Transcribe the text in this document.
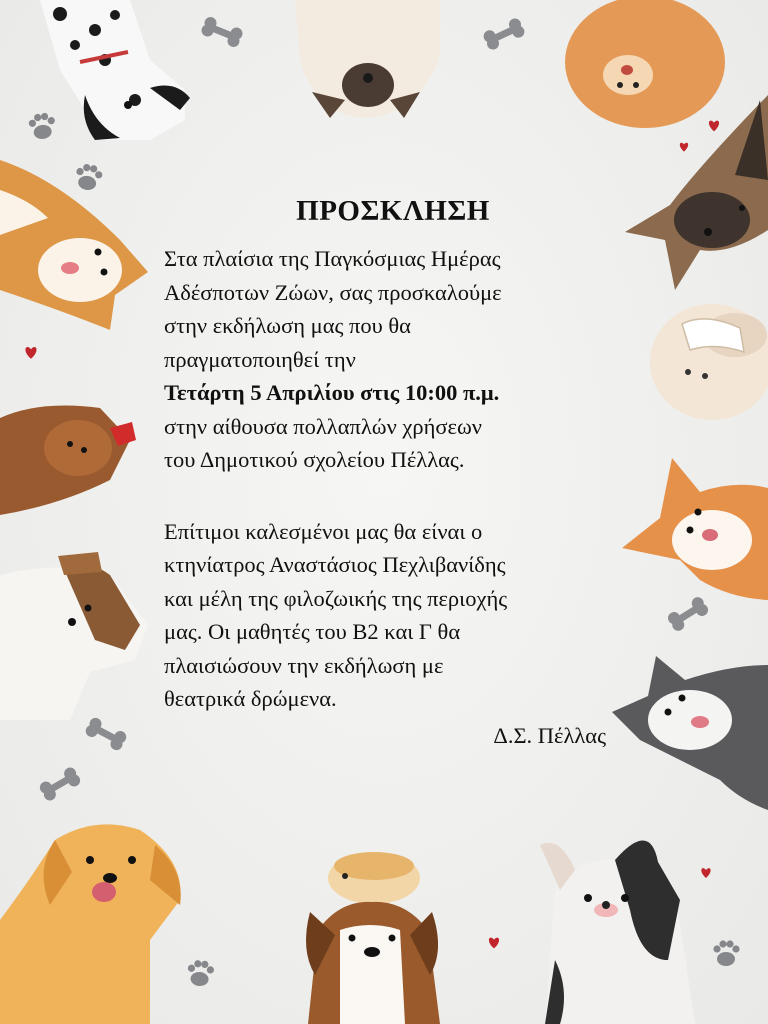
ΠΡΟΣΚΛΗΣΗ
Στα πλαίσια της Παγκόσμιας Ημέρας
Αδέσποτων Ζώων, σας προσκαλούμε
στην εκδήλωση μας που θα
πραγματοποιηθεί την
Τετάρτη 5 Απριλίου στις 10:00 π.μ.
στην αίθουσα πολλαπλών χρήσεων
του Δημοτικού σχολείου Πέλλας.
Επίτιμοι καλεσμένοι μας θα είναι ο
κτηνίατρος Αναστάσιος Πεχλιβανίδης
και μέλη της φιλοζωικής της περιοχής
μας. Οι μαθητές του Β2 και Γ θα
πλαισιώσουν την εκδήλωση με
θεατρικά δρώμενα.
Δ.Σ. Πέλλας
